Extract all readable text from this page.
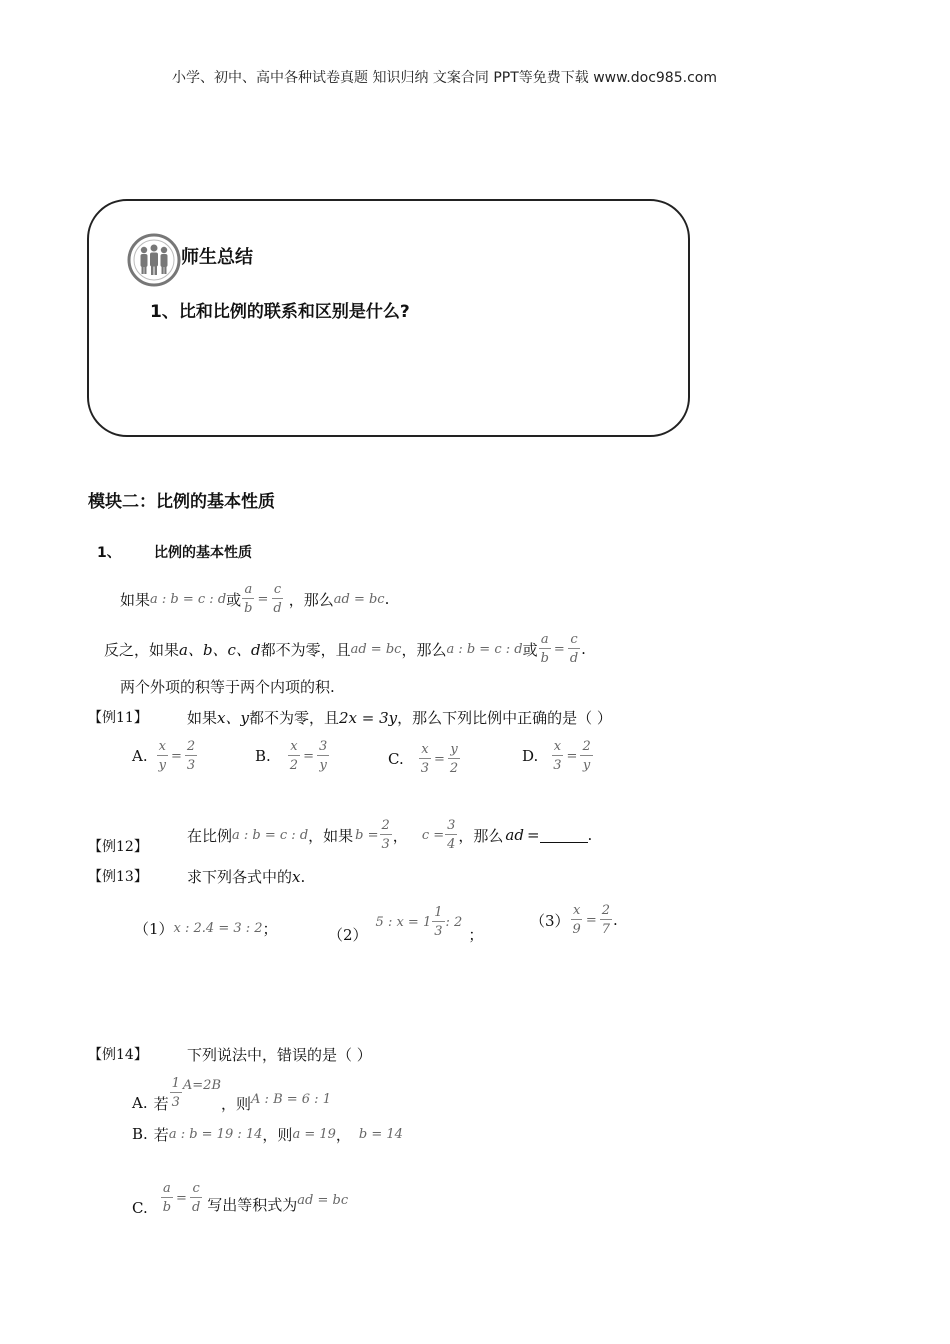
小学、初中、高中各种试卷真题 知识归纳 文案合同 PPT等免费下载 www.doc985.com
师生总结
1、比和比例的联系和区别是什么?
模块二：比例的基本性质
1、 比例的基本性质
如果 a : b = c : d 或 $\frac{a}{b} = \frac{c}{d}$ ，那么 ad = bc .
反之，如果 a、b、c、d 都不为零，且 ad = bc ，那么 a : b = c : d 或 $\frac{a}{b} = \frac{c}{d}$ .
两个外项的积等于两个内项的积.
【例11】	如果x、y都不为零，且2x = 3y，那么下列比例中正确的是（ ）
A. $\frac{x}{y} = \frac{2}{3}$	B. $\frac{x}{2} = \frac{3}{y}$	C. $\frac{x}{3} = \frac{y}{2}$	D. $\frac{x}{3} = \frac{2}{y}$
【例12】
在比例 a : b = c : d ，如果 $b = \frac{2}{3}$ ， $c = \frac{3}{4}$ ，那么 ad =	.
【例13】	求下列各式中的x.
（1） x : 2.4 = 3 : 2 ；	（2）
5 : $x = 1 \frac{1}{3}$ : 2
；
$(3) \frac{x}{9} = \frac{2}{7}$ .
【例14】	下列说法中，错误的是（ ）
A. 若 $\frac{1}{3} A=2B$
，则 A : B = 6 : 1
B. 若 a : b = 19 : 14 ，则 a = 19 ， b = 14
C. $\frac{a}{b} = \frac{c}{d}$ 写出等积式为 ad = bc
